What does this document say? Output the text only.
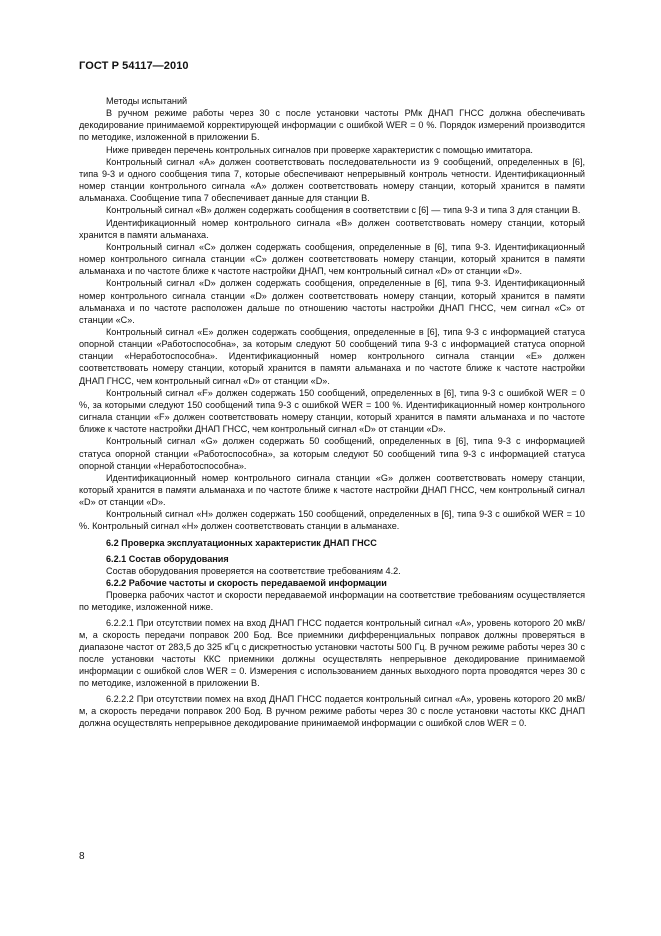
ГОСТ Р 54117—2010

Методы испытаний

В ручном режиме работы через 30 с после установки частоты РМк ДНАП ГНСС должна обеспечивать декодирование принимаемой корректирующей информации с ошибкой WER = 0 %. Порядок измерений производится по методике, изложенной в приложении Б.

Ниже приведен перечень контрольных сигналов при проверке характеристик с помощью имитатора.

Контрольный сигнал «А» должен соответствовать последовательности из 9 сообщений, определенных в [6], типа 9-3 и одного сообщения типа 7, которые обеспечивают непрерывный контроль четности. Идентификационный номер станции контрольного сигнала «А» должен соответствовать номеру станции, который хранится в памяти альманаха. Сообщение типа 7 обеспечивает данные для станции В.

Контрольный сигнал «В» должен содержать сообщения в соответствии с [6] — типа 9-3 и типа 3 для станции В.

Идентификационный номер контрольного сигнала «В» должен соответствовать номеру станции, который хранится в памяти альманаха.

Контрольный сигнал «С» должен содержать сообщения, определенные в [6], типа 9-3. Идентификационный номер контрольного сигнала станции «С» должен соответствовать номеру станции, который хранится в памяти альманаха и по частоте ближе к частоте настройки ДНАП, чем контрольный сигнал «D» от станции «D».

Контрольный сигнал «D» должен содержать сообщения, определенные в [6], типа 9-3. Идентификационный номер контрольного сигнала станции «D» должен соответствовать номеру станции, который хранится в памяти альманаха и по частоте расположен дальше по отношению частоты настройки ДНАП ГНСС, чем сигнал «С» от станции «С».

Контрольный сигнал «Е» должен содержать сообщения, определенные в [6], типа 9-3 с информацией статуса опорной станции «Работоспособна», за которым следуют 50 сообщений типа 9-3 с информацией статуса опорной станции «Неработоспособна». Идентификационный номер контрольного сигнала станции «Е» должен соответствовать номеру станции, который хранится в памяти альманаха и по частоте ближе к частоте настройки ДНАП ГНСС, чем контрольный сигнал «D» от станции «D».

Контрольный сигнал «F» должен содержать 150 сообщений, определенных в [6], типа 9-3 с ошибкой WER = 0 %, за которыми следуют 150 сообщений типа 9-3 с ошибкой WER = 100 %. Идентификационный номер контрольного сигнала станции «F» должен соответствовать номеру станции, который хранится в памяти альманаха и по частоте ближе к частоте настройки ДНАП ГНСС, чем контрольный сигнал «D» от станции «D».

Контрольный сигнал «G» должен содержать 50 сообщений, определенных в [6], типа 9-3 с информацией статуса опорной станции «Работоспособна», за которым следуют 50 сообщений типа 9-3 с информацией статуса опорной станции «Неработоспособна».

Идентификационный номер контрольного сигнала станции «G» должен соответствовать номеру станции, который хранится в памяти альманаха и по частоте ближе к частоте настройки ДНАП ГНСС, чем контрольный сигнал «D» от станции «D».

Контрольный сигнал «H» должен содержать 150 сообщений, определенных в [6], типа 9-3 с ошибкой WER = 10 %. Контрольный сигнал «H» должен соответствовать станции в альманахе.

6.2 Проверка эксплуатационных характеристик ДНАП ГНСС

6.2.1 Состав оборудования

Состав оборудования проверяется на соответствие требованиям 4.2.

6.2.2 Рабочие частоты и скорость передаваемой информации

Проверка рабочих частот и скорости передаваемой информации на соответствие требованиям осуществляется по методике, изложенной ниже.

6.2.2.1 При отсутствии помех на вход ДНАП ГНСС подается контрольный сигнал «А», уровень которого 20 мкВ/м, а скорость передачи поправок 200 Бод. Все приемники дифференциальных поправок должны проверяться в диапазоне частот от 283,5 до 325 кГц с дискретностью установки частоты 500 Гц. В ручном режиме работы через 30 с после установки частоты ККС приемники должны осуществлять непрерывное декодирование принимаемой информации с ошибкой слов WER = 0. Измерения с использованием данных выходного порта проводятся через 30 с по методике, изложенной в приложении В.

6.2.2.2 При отсутствии помех на вход ДНАП ГНСС подается контрольный сигнал «А», уровень которого 20 мкВ/м, а скорость передачи поправок 200 Бод. В ручном режиме работы через 30 с после установки частоты ККС ДНАП должна осуществлять непрерывное декодирование принимаемой информации с ошибкой слов WER = 0.

8
